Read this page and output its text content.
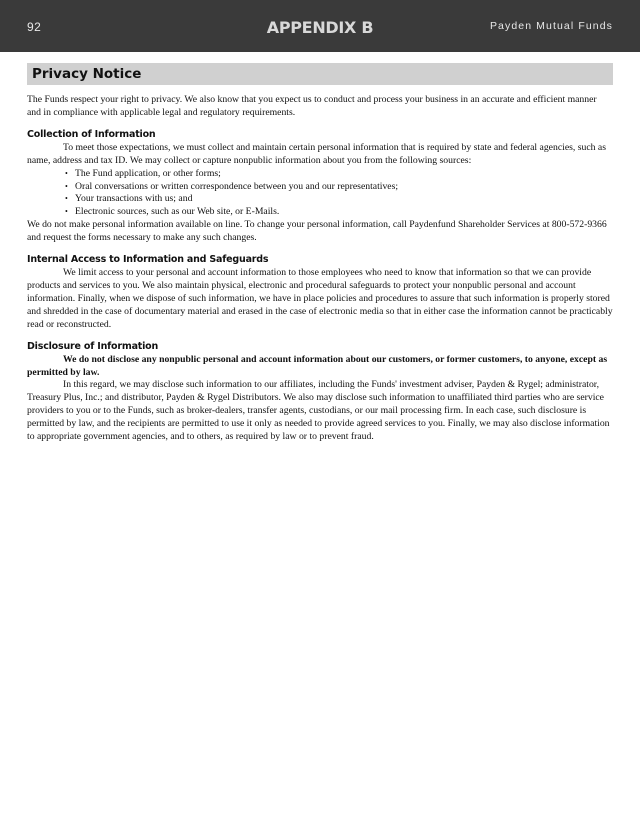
92	APPENDIX B	Payden Mutual Funds
Privacy Notice

The Funds respect your right to privacy. We also know that you expect us to conduct and process your business in an accurate and efficient manner and in compliance with applicable legal and regulatory requirements.

Collection of Information

To meet those expectations, we must collect and maintain certain personal information that is required by state and federal agencies, such as name, address and tax ID. We may collect or capture nonpublic information about you from the following sources:

• The Fund application, or other forms;
• Oral conversations or written correspondence between you and our representatives;
• Your transactions with us; and
• Electronic sources, such as our Web site, or E-Mails.

We do not make personal information available on line. To change your personal information, call Paydenfund Shareholder Services at 800-572-9366 and request the forms necessary to make any such changes.

Internal Access to Information and Safeguards

We limit access to your personal and account information to those employees who need to know that information so that we can provide products and services to you. We also maintain physical, electronic and procedural safeguards to protect your nonpublic personal and account information. Finally, when we dispose of such information, we have in place policies and procedures to assure that such information is properly stored and shredded in the case of documentary material and erased in the case of electronic media so that in either case the information cannot be practicably read or reconstructed.

Disclosure of Information

We do not disclose any nonpublic personal and account information about our customers, or former customers, to anyone, except as permitted by law.

In this regard, we may disclose such information to our affiliates, including the Funds' investment adviser, Payden & Rygel; administrator, Treasury Plus, Inc.; and distributor, Payden & Rygel Distributors. We also may disclose such information to unaffiliated third parties who are service providers to you or to the Funds, such as broker-dealers, transfer agents, custodians, or our mail processing firm. In each case, such disclosure is permitted by law, and the recipients are permitted to use it only as needed to provide agreed services to you. Finally, we may also disclose information to appropriate government agencies, and to others, as required by law or to prevent fraud.
